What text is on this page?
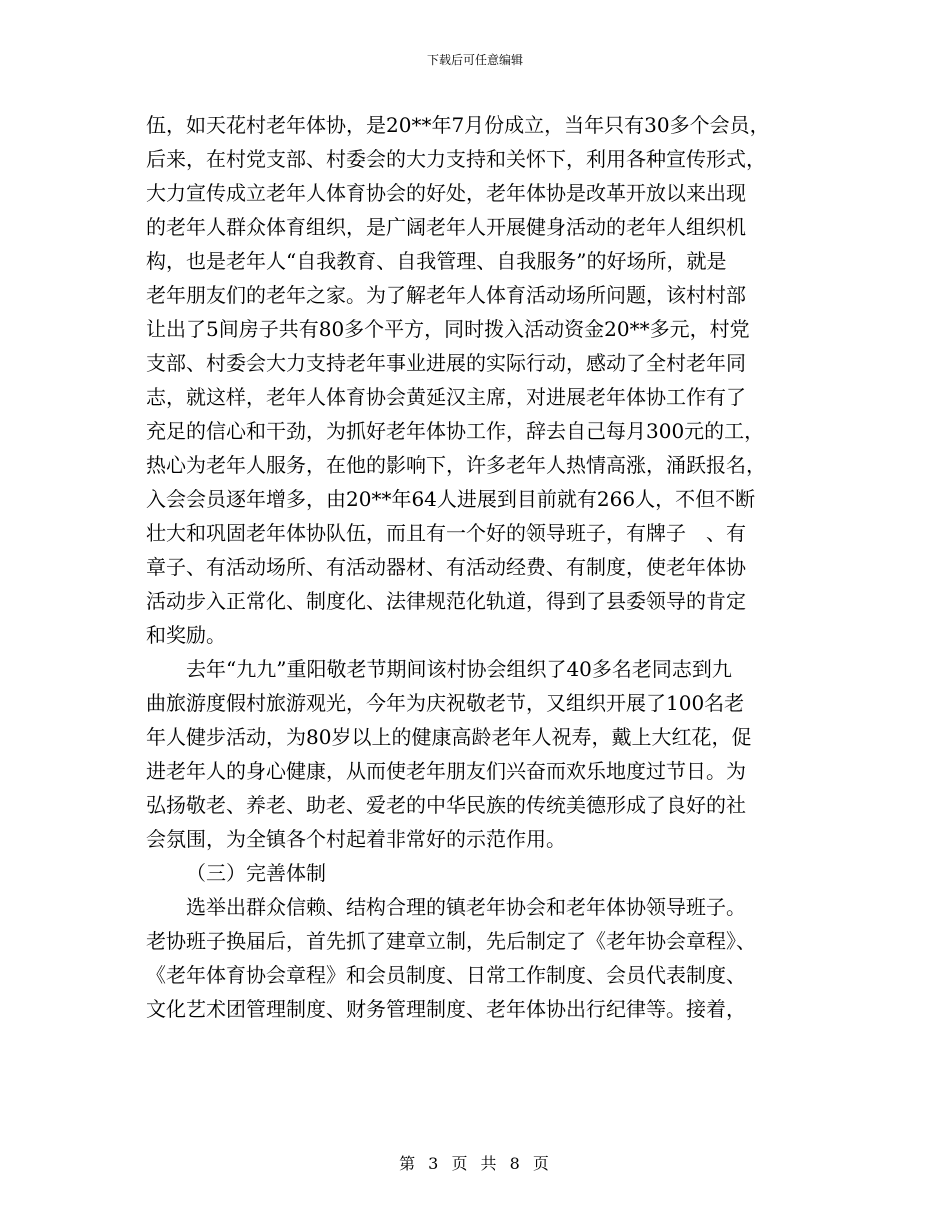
下载后可任意编辑
伍，如天花村老年体协，是20**年7月份成立，当年只有30多个会员，
后来，在村党支部、村委会的大力支持和关怀下，利用各种宣传形式，
大力宣传成立老年人体育协会的好处，老年体协是改革开放以来出现
的老年人群众体育组织，是广阔老年人开展健身活动的老年人组织机
构，也是老年人“自我教育、自我管理、自我服务”的好场所，就是
老年朋友们的老年之家。为了解老年人体育活动场所问题，该村村部
让出了5间房子共有80多个平方，同时拨入活动资金20**多元，村党
支部、村委会大力支持老年事业进展的实际行动，感动了全村老年同
志，就这样，老年人体育协会黄延汉主席，对进展老年体协工作有了
充足的信心和干劲，为抓好老年体协工作，辞去自己每月300元的工，
热心为老年人服务，在他的影响下，许多老年人热情高涨，涌跃报名，
入会会员逐年增多，由20**年64人进展到目前就有266人，不但不断
壮大和巩固老年体协队伍，而且有一个好的领导班子，有牌子　、有
章子、有活动场所、有活动器材、有活动经费、有制度，使老年体协
活动步入正常化、制度化、法律规范化轨道，得到了县委领导的肯定
和奖励。
去年“九九”重阳敬老节期间该村协会组织了40多名老同志到九
曲旅游度假村旅游观光，今年为庆祝敬老节，又组织开展了100名老
年人健步活动，为80岁以上的健康高龄老年人祝寿，戴上大红花，促
进老年人的身心健康，从而使老年朋友们兴奋而欢乐地度过节日。为
弘扬敬老、养老、助老、爱老的中华民族的传统美德形成了良好的社
会氛围，为全镇各个村起着非常好的示范作用。
（三）完善体制
选举出群众信赖、结构合理的镇老年协会和老年体协领导班子。
老协班子换届后，首先抓了建章立制，先后制定了《老年协会章程》、
《老年体育协会章程》和会员制度、日常工作制度、会员代表制度、
文化艺术团管理制度、财务管理制度、老年体协出行纪律等。接着，
第 3 页 共 8 页
